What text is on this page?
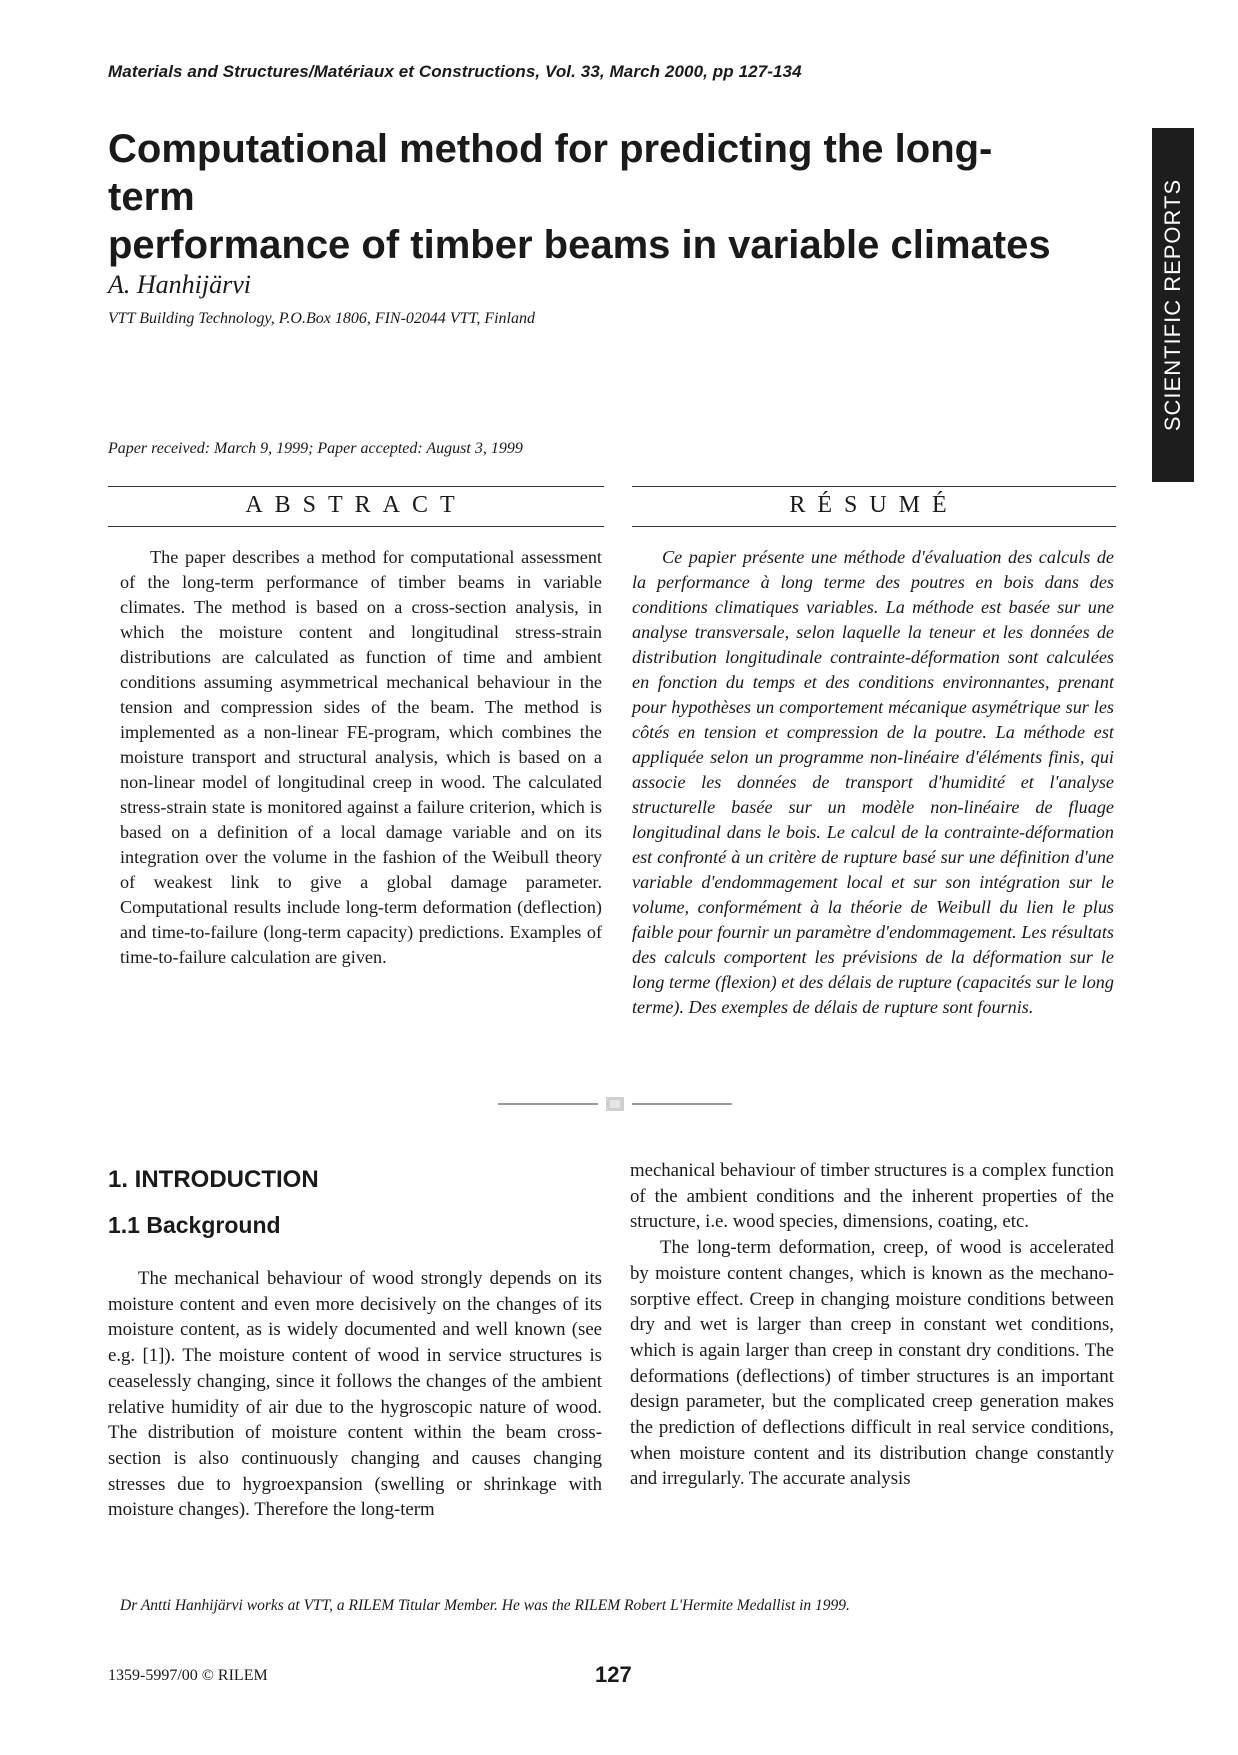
Materials and Structures/Matériaux et Constructions, Vol. 33, March 2000, pp 127-134
Computational method for predicting the long-term
performance of timber beams in variable climates
A. Hanhijärvi
VTT Building Technology, P.O.Box 1806, FIN-02044 VTT, Finland
Paper received: March 9, 1999; Paper accepted: August 3, 1999
SCIENTIFIC REPORTS
ABSTRACT	RÉSUMÉ

The paper describes a method for computational assessment of the long-term performance of timber beams in variable climates. The method is based on a cross-section analysis, in which the moisture content and longitudinal stress-strain distributions are calculated as function of time and ambient conditions assuming asymmetrical mechanical behaviour in the tension and compression sides of the beam. The method is implemented as a non-linear FE-program, which combines the moisture transport and structural analysis, which is based on a non-linear model of longitudinal creep in wood. The calculated stress-strain state is monitored against a failure criterion, which is based on a definition of a local damage variable and on its integration over the volume in the fashion of the Weibull theory of weakest link to give a global damage parameter. Computational results include long-term deformation (deflection) and time-to-failure (long-term capacity) predictions. Examples of time-to-failure calculation are given.

Ce papier présente une méthode d'évaluation des calculs de la performance à long terme des poutres en bois dans des conditions climatiques variables. La méthode est basée sur une analyse transversale, selon laquelle la teneur et les données de distribution longitudinale contrainte-déformation sont calculées en fonction du temps et des conditions environnantes, prenant pour hypothèses un comportement mécanique asymétrique sur les côtés en tension et compression de la poutre. La méthode est appliquée selon un programme non-linéaire d'éléments finis, qui associe les données de transport d'humidité et l'analyse structurelle basée sur un modèle non-linéaire de fluage longitudinal dans le bois. Le calcul de la contrainte-déformation est confronté à un critère de rupture basé sur une définition d'une variable d'endommagement local et sur son intégration sur le volume, conformément à la théorie de Weibull du lien le plus faible pour fournir un paramètre d'endommagement. Les résultats des calculs comportent les prévisions de la déformation sur le long terme (flexion) et des délais de rupture (capacités sur le long terme). Des exemples de délais de rupture sont fournis.

1. INTRODUCTION
1.1 Background

The mechanical behaviour of wood strongly depends on its moisture content and even more decisively on the changes of its moisture content, as is widely documented and well known (see e.g. [1]). The moisture content of wood in service structures is ceaselessly changing, since it follows the changes of the ambient relative humidity of air due to the hygroscopic nature of wood. The distribution of moisture content within the beam cross-section is also continuously changing and causes changing stresses due to hygroexpansion (swelling or shrinkage with moisture changes). Therefore the long-term

mechanical behaviour of timber structures is a complex function of the ambient conditions and the inherent properties of the structure, i.e. wood species, dimensions, coating, etc.

The long-term deformation, creep, of wood is accelerated by moisture content changes, which is known as the mechano-sorptive effect. Creep in changing moisture conditions between dry and wet is larger than creep in constant wet conditions, which is again larger than creep in constant dry conditions. The deformations (deflections) of timber structures is an important design parameter, but the complicated creep generation makes the prediction of deflections difficult in real service conditions, when moisture content and its distribution change constantly and irregularly. The accurate analysis

Dr Antti Hanhijärvi works at VTT, a RILEM Titular Member. He was the RILEM Robert L'Hermite Medallist in 1999.
1359-5997/00 © RILEM	127
